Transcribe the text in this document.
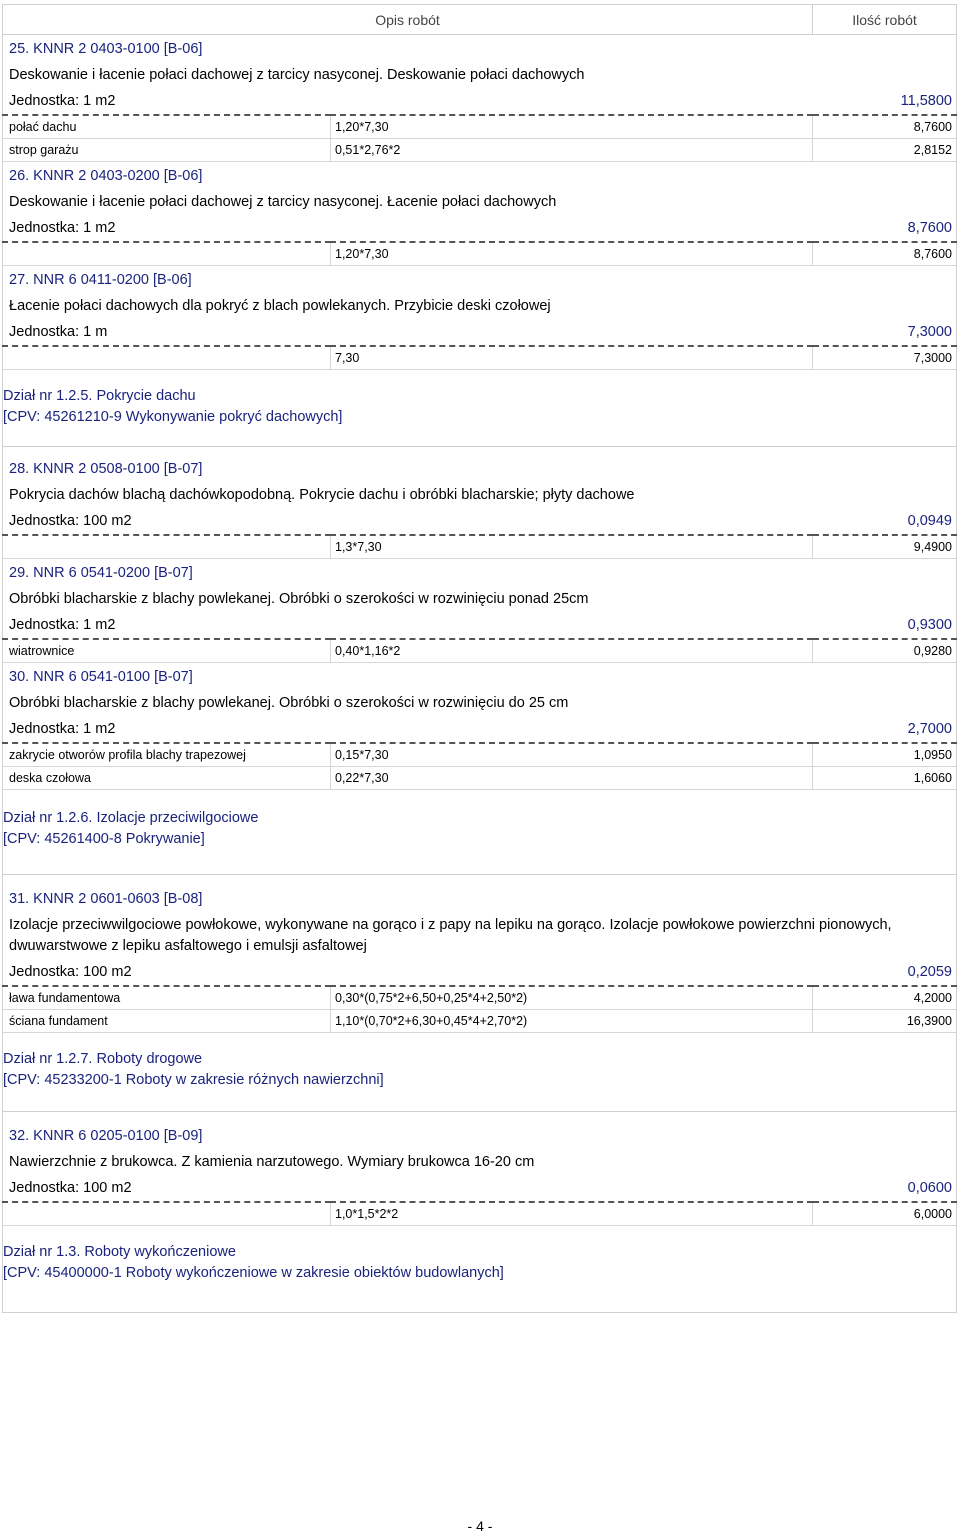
Opis robót		Ilość robót
25. KNNR 2 0403-0100 [B-06]		
Deskowanie i łacenie połaci dachowej z tarcicy nasyconej. Deskowanie połaci dachowych		
Jednostka: 1 m2		11,5800
połać dachu	1,20*7,30	8,7600
strop garażu	0,51*2,76*2	2,8152
26. KNNR 2 0403-0200 [B-06]		
Deskowanie i łacenie połaci dachowej z tarcicy nasyconej. Łacenie połaci dachowych		
Jednostka: 1 m2		8,7600
	1,20*7,30	8,7600
27. NNR 6 0411-0200 [B-06]		
Łacenie połaci dachowych dla pokryć z blach powlekanych. Przybicie deski czołowej		
Jednostka: 1 m		7,3000
	7,30	7,3000

Dział nr 1.2.5. Pokrycie dachu		
[CPV: 45261210-9 Wykonywanie pokryć dachowych]		
28. KNNR 2 0508-0100 [B-07]		
Pokrycia dachów blachą dachówkopodobną. Pokrycie dachu i obróbki blacharskie; płyty dachowe		
Jednostka: 100 m2		0,0949
	1,3*7,30	9,4900
29. NNR 6 0541-0200 [B-07]		
Obróbki blacharskie z blachy powlekanej. Obróbki o szerokości w rozwinięciu ponad 25cm		
Jednostka: 1 m2		0,9300
wiatrownice	0,40*1,16*2	0,9280
30. NNR 6 0541-0100 [B-07]		
Obróbki blacharskie z blachy powlekanej. Obróbki o szerokości w rozwinięciu do 25 cm		
Jednostka: 1 m2		2,7000
zakrycie otworów profila blachy trapezowej	0,15*7,30	1,0950
deska czołowa	0,22*7,30	1,6060

Dział nr 1.2.6. Izolacje przeciwilgociowe		
[CPV: 45261400-8 Pokrywanie]		
31. KNNR 2 0601-0603 [B-08]		
Izolacje przeciwwilgociowe powłokowe, wykonywane na gorąco i z papy na lepiku na gorąco. Izolacje powłokowe powierzchni pionowych, dwuwarstwowe z lepiku asfaltowego i emulsji asfaltowej		
Jednostka: 100 m2		0,2059
ława fundamentowa	0,30*(0,75*2+6,50+0,25*4+2,50*2)	4,2000
ściana fundament	1,10*(0,70*2+6,30+0,45*4+2,70*2)	16,3900

Dział nr 1.2.7. Roboty drogowe		
[CPV: 45233200-1 Roboty w zakresie różnych nawierzchni]		
32. KNNR 6 0205-0100 [B-09]		
Nawierzchnie z brukowca. Z kamienia narzutowego. Wymiary brukowca 16-20 cm		
Jednostka: 100 m2		0,0600
	1,0*1,5*2*2	6,0000

Dział nr 1.3. Roboty wykończeniowe		
[CPV: 45400000-1 Roboty wykończeniowe w zakresie obiektów budowlanych]		
- 4 -
